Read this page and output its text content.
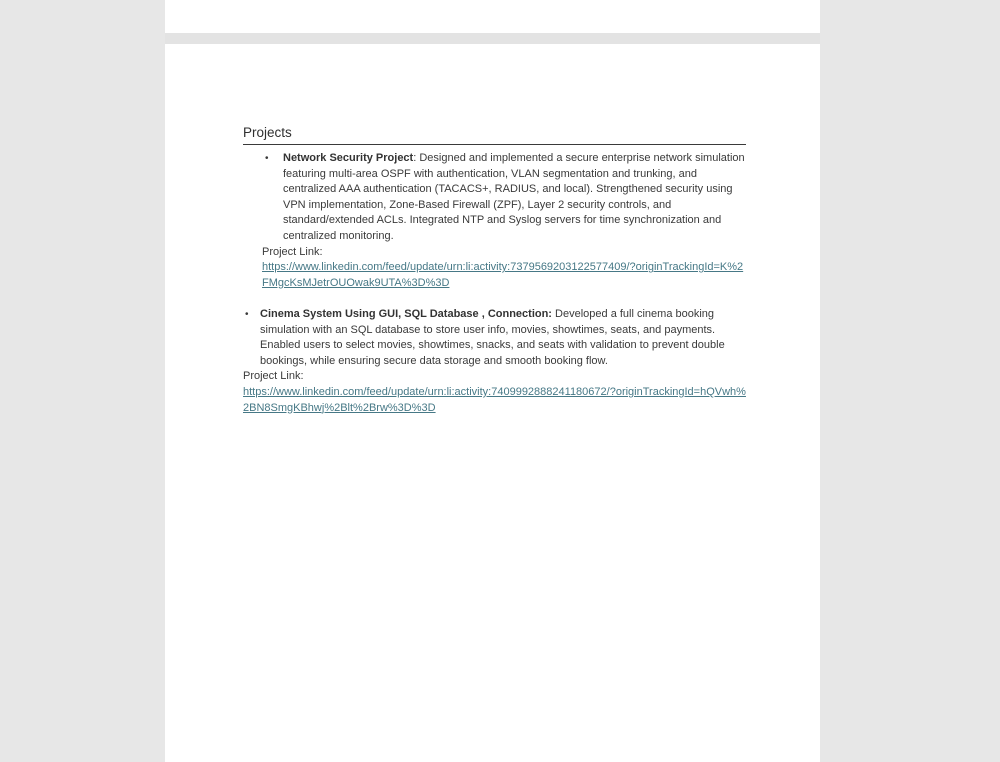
Projects
•	Network Security Project: Designed and implemented a secure enterprise network simulation featuring multi-area OSPF with authentication, VLAN segmentation and trunking, and centralized AAA authentication (TACACS+, RADIUS, and local). Strengthened security using VPN implementation, Zone-Based Firewall (ZPF), Layer 2 security controls, and standard/extended ACLs. Integrated NTP and Syslog servers for time synchronization and centralized monitoring.
Project Link:
https://www.linkedin.com/feed/update/urn:li:activity:7379569203122577409/?originTrackingId=K%2FMgcKsMJetrOUOwak9UTA%3D%3D
•	Cinema System Using GUI, SQL Database , Connection: Developed a full cinema booking simulation with an SQL database to store user info, movies, showtimes, seats, and payments. Enabled users to select movies, showtimes, snacks, and seats with validation to prevent double bookings, while ensuring secure data storage and smooth booking flow.
Project Link:
https://www.linkedin.com/feed/update/urn:li:activity:7409992888241180672/?originTrackingId=hQVwh%2BN8SmgKBhwj%2Blt%2Brw%3D%3D
